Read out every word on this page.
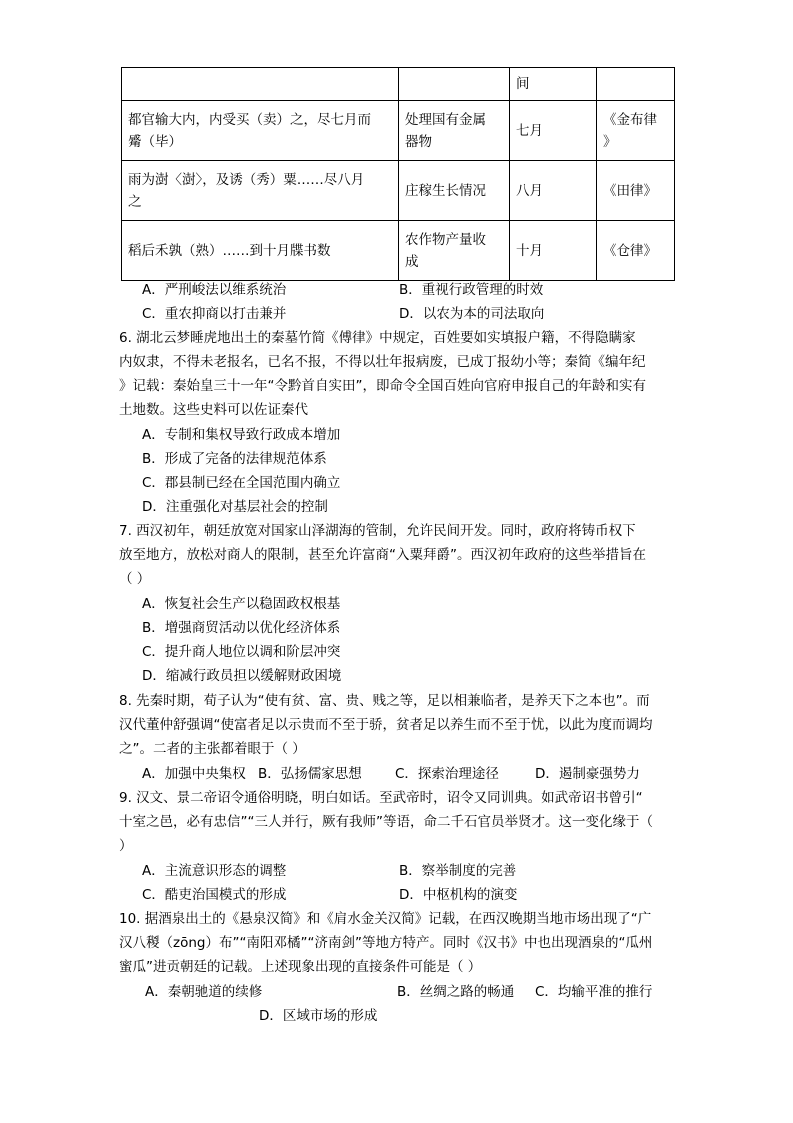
		间	
都官输大内，内受买（卖）之，尽七月而
觱（毕）	处理国有金属
器物	七月	《金布律
》
雨为澍〈澍〉，及诱（秀）粟……尽八月
之	庄稼生长情况	八月	《田律》
稻后禾孰（熟）……到十月牒书数	农作物产量收
成	十月	《仓律》
A．严刑峻法以维系统治	B．重视行政管理的时效
C．重农抑商以打击兼并	D．以农为本的司法取向
6. 湖北云梦睡虎地出土的秦墓竹简《傅律》中规定，百姓要如实填报户籍，不得隐瞒家
内奴隶，不得未老报名，已名不报，不得以壮年报病废，已成丁报幼小等；秦简《编年纪
》记载：秦始皇三十一年“令黔首自实田”，即命令全国百姓向官府申报自己的年龄和实有
土地数。这些史料可以佐证秦代
A．专制和集权导致行政成本增加
B．形成了完备的法律规范体系
C．郡县制已经在全国范围内确立
D．注重强化对基层社会的控制
7. 西汉初年，朝廷放宽对国家山泽湖海的管制，允许民间开发。同时，政府将铸币权下
放至地方，放松对商人的限制，甚至允许富商“入粟拜爵”。西汉初年政府的这些举措旨在
（ ）
A．恢复社会生产以稳固政权根基
B．增强商贸活动以优化经济体系
C．提升商人地位以调和阶层冲突
D．缩减行政员担以缓解财政困境
8. 先秦时期，荀子认为“使有贫、富、贵、贱之等，足以相兼临者，是养天下之本也”。而
汉代董仲舒强调“使富者足以示贵而不至于骄，贫者足以养生而不至于忧，以此为度而调均
之”。二者的主张都着眼于（ ）
A．加强中央集权 B．弘扬儒家思想 C．探索治理途径	D．遏制豪强势力
9. 汉文、景二帝诏令通俗明晓，明白如话。至武帝时，诏令又同训典。如武帝诏书曾引“
十室之邑，必有忠信”“三人并行，厥有我师”等语，命二千石官员举贤才。这一变化缘于（
）
A．主流意识形态的调整	B．察举制度的完善
C．酷吏治国模式的形成	D．中枢机构的演变
10. 据酒泉出土的《悬泉汉简》和《肩水金关汉简》记载，在西汉晚期当地市场出现了“广
汉八稯（zōng）布”“南阳邓橘”“济南剑”等地方特产。同时《汉书》中也出现酒泉的“瓜州
蜜瓜”进贡朝廷的记载。上述现象出现的直接条件可能是（ ）
A．秦朝驰道的续修	B．丝绸之路的畅通 C．均输平准的推行
D．区域市场的形成
